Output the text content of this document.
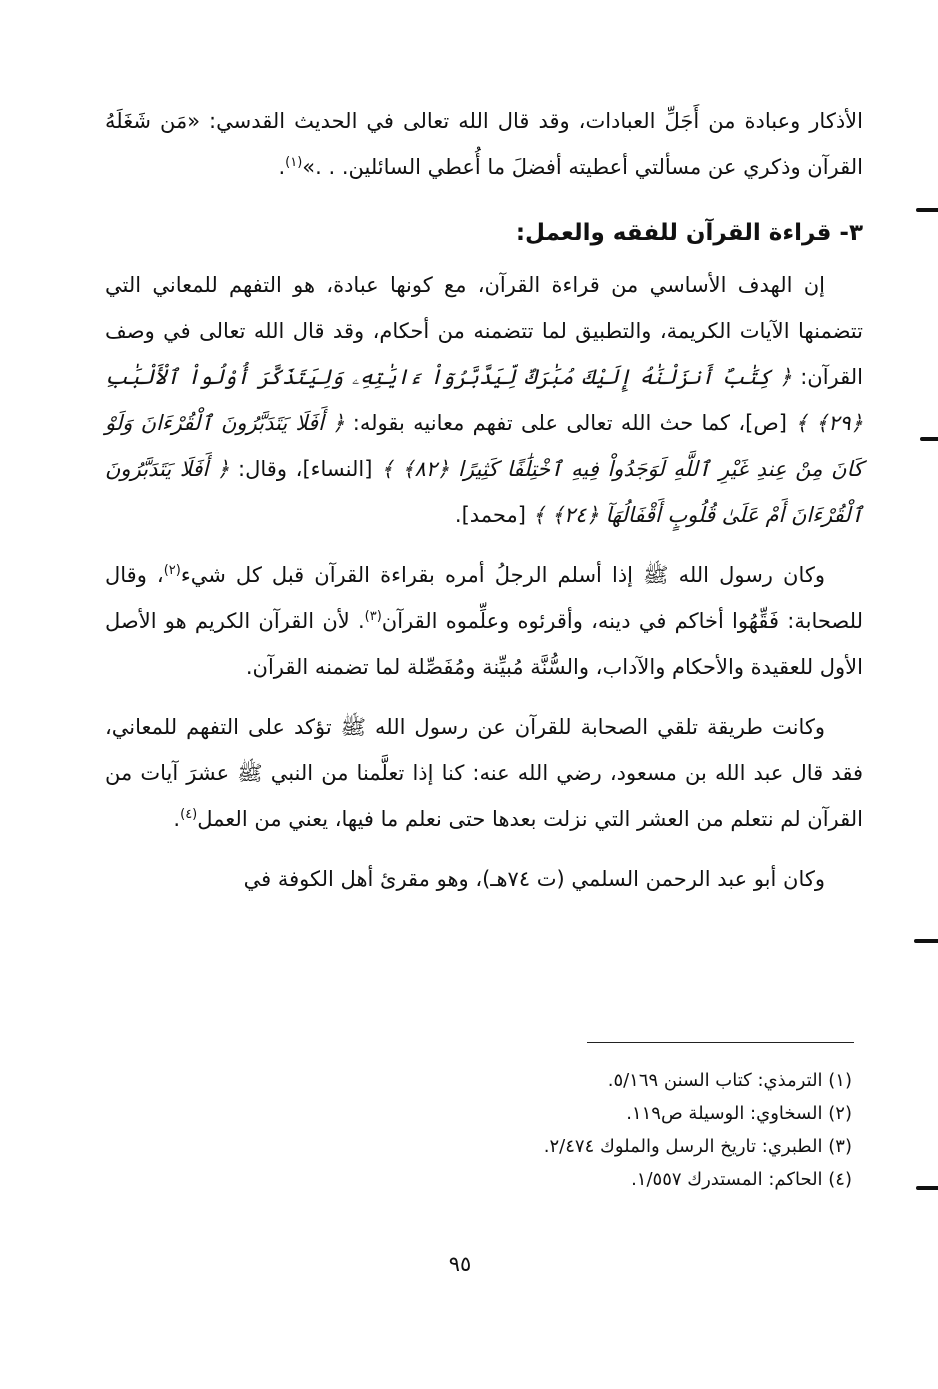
الأذكار وعبادة من أَجَلِّ العبادات، وقد قال الله تعالى في الحديث القدسي: «مَن شَغَلَهُ القرآن وذكري عن مسألتي أعطيته أفضلَ ما أُعطي السائلين. . .»$^{(١)}$.

٣- قراءة القرآن للفقه والعمل:

إن الهدف الأساسي من قراءة القرآن، مع كونها عبادة، هو التفهم للمعاني التي تتضمنها الآيات الكريمة، والتطبيق لما تتضمنه من أحكام، وقد قال الله تعالى في وصف القرآن: ﴿ كِتَٰبٌ أَنزَلْنَٰهُ إِلَيْكَ مُبَٰرَكٌ لِّيَدَّبَّرُوٓاْ ءَايَٰتِهِۦ وَلِيَتَذَكَّرَ أُوْلُواْ ٱلْأَلْبَٰبِ ﴿٢٩﴾ ﴾ [ص]، كما حث الله تعالى على تفهم معانيه بقوله: ﴿ أَفَلَا يَتَدَبَّرُونَ ٱلْقُرْءَانَ وَلَوْ كَانَ مِنْ عِندِ غَيْرِ ٱللَّهِ لَوَجَدُواْ فِيهِ ٱخْتِلَٰفًا كَثِيرًا ﴿٨٢﴾ ﴾ [النساء]، وقال: ﴿ أَفَلَا يَتَدَبَّرُونَ ٱلْقُرْءَانَ أَمْ عَلَىٰ قُلُوبٍ أَقْفَالُهَآ ﴿٢٤﴾ ﴾ [محمد].

وكان رسول الله ﷺ إذا أسلم الرجلُ أمره بقراءة القرآن قبل كل شيء$^{(٢)}$، وقال للصحابة: فَقِّهُوا أخاكم في دينه، وأقرئوه وعلِّموه القرآن$^{(٣)}$. لأن القرآن الكريم هو الأصل الأول للعقيدة والأحكام والآداب، والسُّنَّة مُبيِّنة ومُفَصِّلة لما تضمنه القرآن.

وكانت طريقة تلقي الصحابة للقرآن عن رسول الله ﷺ تؤكد على التفهم للمعاني، فقد قال عبد الله بن مسعود، رضي الله عنه: كنا إذا تعلَّمنا من النبي ﷺ عشرَ آيات من القرآن لم نتعلم من العشر التي نزلت بعدها حتى نعلم ما فيها، يعني من العمل$^{(٤)}$.

وكان أبو عبد الرحمن السلمي (ت ٧٤هـ)، وهو مقرئ أهل الكوفة في

(١) الترمذي: كتاب السنن ٥/١٦٩.

(٢) السخاوي: الوسيلة ص١١٩.

(٣) الطبري: تاريخ الرسل والملوك ٢/٤٧٤.

(٤) الحاكم: المستدرك ١/٥٥٧.

٩٥
